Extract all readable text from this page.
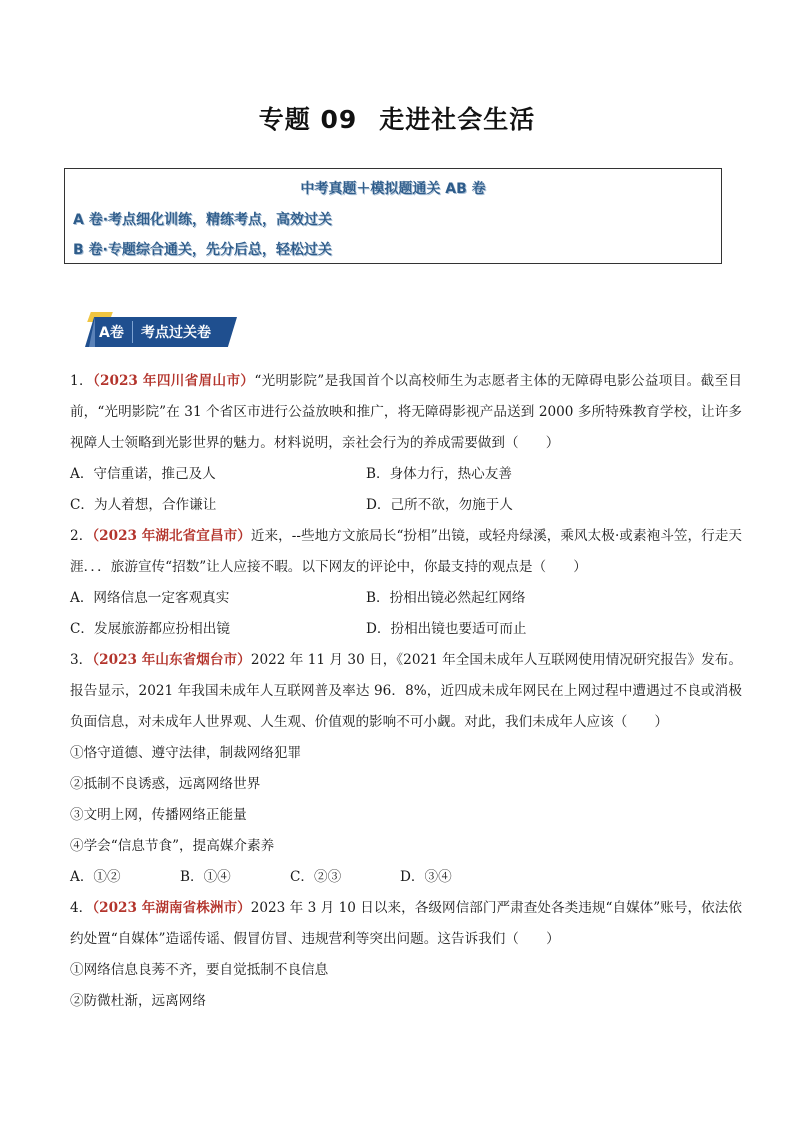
专题 09 走进社会生活
中考真题＋模拟题通关 AB 卷
A 卷·考点细化训练，精练考点，高效过关
B 卷·专题综合通关，先分后总，轻松过关
A卷 考点过关卷

1．（2023 年四川省眉山市）“光明影院”是我国首个以高校师生为志愿者主体的无障碍电影公益项目。截至目前，“光明影院”在 31 个省区市进行公益放映和推广，将无障碍影视产品送到 2000 多所特殊教育学校，让许多视障人士领略到光影世界的魅力。材料说明，亲社会行为的养成需要做到（　　）

A．守信重诺，推己及人	B．身体力行，热心友善
C．为人着想，合作谦让	D．己所不欲，勿施于人

2．（2023 年湖北省宜昌市）近来，--些地方文旅局长“扮相”出镜，或轻舟绿溪，乘风太极·或素袍斗笠，行走天涯．．．旅游宣传“招数”让人应接不暇。以下网友的评论中，你最支持的观点是（　　）

A．网络信息一定客观真实	B．扮相出镜必然起红网络
C．发展旅游都应扮相出镜	D．扮相出镜也要适可而止

3．（2023 年山东省烟台市）2022 年 11 月 30 日，《2021 年全国未成年人互联网使用情况研究报告》发布。报告显示，2021 年我国未成年人互联网普及率达 96．8%，近四成未成年网民在上网过程中遭遇过不良或消极负面信息，对未成年人世界观、人生观、价值观的影响不可小觑。对此，我们未成年人应该（　　）

①恪守道德、遵守法律，制裁网络犯罪

②抵制不良诱惑，远离网络世界

③文明上网，传播网络正能量

④学会“信息节食”，提高媒介素养

A．①②	B．①④	C．②③	D．③④

4．（2023 年湖南省株洲市）2023 年 3 月 10 日以来，各级网信部门严肃查处各类违规“自媒体”账号，依法依约处置“自媒体”造谣传谣、假冒仿冒、违规营利等突出问题。这告诉我们（　　）

①网络信息良莠不齐，要自觉抵制不良信息

②防微杜渐，远离网络
